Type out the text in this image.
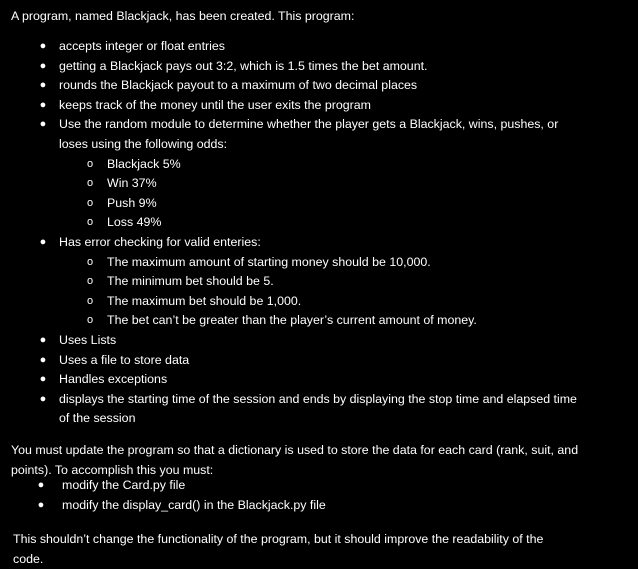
A program, named Blackjack, has been created. This program:

● accepts integer or float entries
● getting a Blackjack pays out 3:2, which is 1.5 times the bet amount.
● rounds the Blackjack payout to a maximum of two decimal places
● keeps track of the money until the user exits the program
● Use the random module to determine whether the player gets a Blackjack, wins, pushes, or
loses using the following odds:
o Blackjack 5%
o Win 37%
o Push 9%
o Loss 49%
● Has error checking for valid enteries:
o The maximum amount of starting money should be 10,000.
o The minimum bet should be 5.
o The maximum bet should be 1,000.
o The bet can’t be greater than the player’s current amount of money.
● Uses Lists
● Uses a file to store data
● Handles exceptions
● displays the starting time of the session and ends by displaying the stop time and elapsed time
of the session

You must update the program so that a dictionary is used to store the data for each card (rank, suit, and
points). To accomplish this you must:

● modify the Card.py file
● modify the display_card() in the Blackjack.py file

This shouldn’t change the functionality of the program, but it should improve the readability of the
code.
